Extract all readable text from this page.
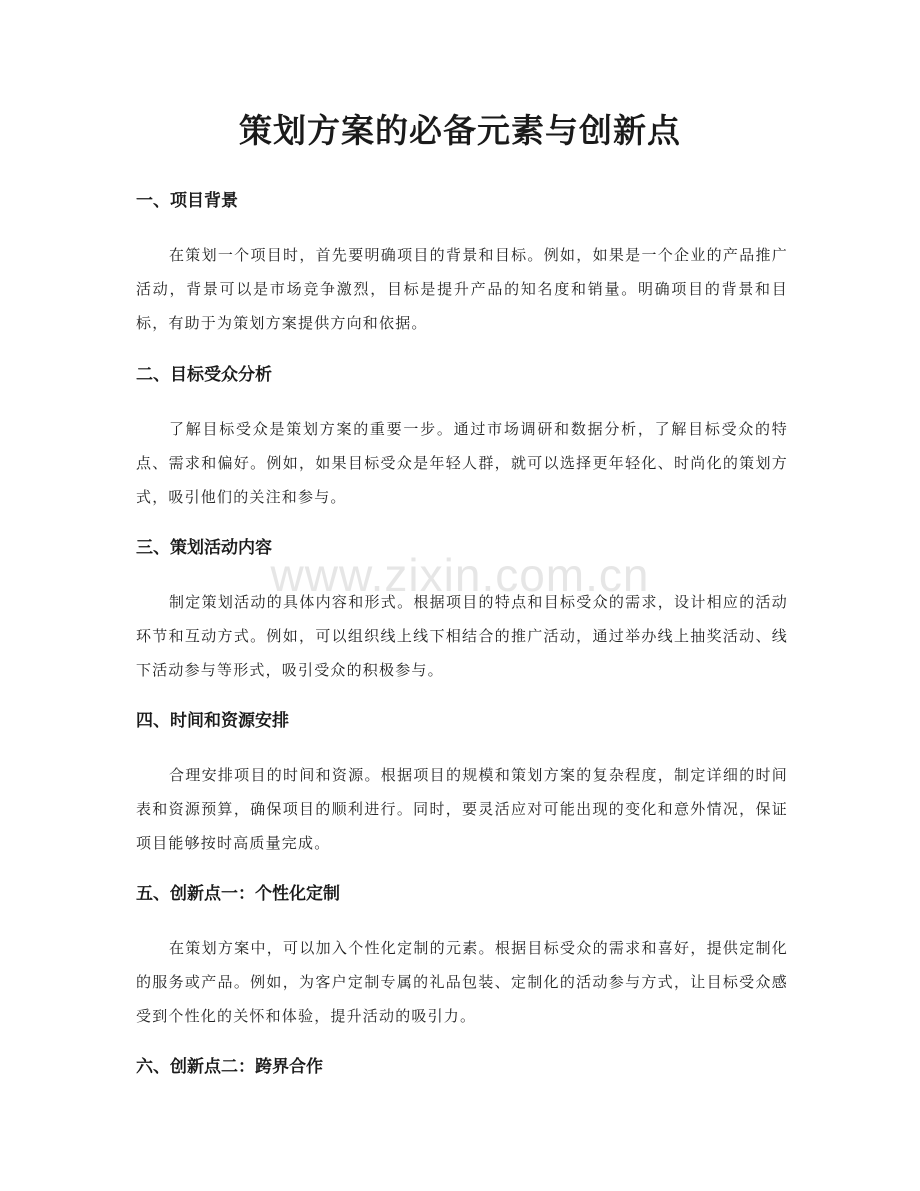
策划方案的必备元素与创新点
www.zixin.com.cn
一、项目背景

在策划一个项目时，首先要明确项目的背景和目标。例如，如果是一个企业的产品推广活动，背景可以是市场竞争激烈，目标是提升产品的知名度和销量。明确项目的背景和目标，有助于为策划方案提供方向和依据。

二、目标受众分析

了解目标受众是策划方案的重要一步。通过市场调研和数据分析，了解目标受众的特点、需求和偏好。例如，如果目标受众是年轻人群，就可以选择更年轻化、时尚化的策划方式，吸引他们的关注和参与。

三、策划活动内容

制定策划活动的具体内容和形式。根据项目的特点和目标受众的需求，设计相应的活动环节和互动方式。例如，可以组织线上线下相结合的推广活动，通过举办线上抽奖活动、线下活动参与等形式，吸引受众的积极参与。

四、时间和资源安排

合理安排项目的时间和资源。根据项目的规模和策划方案的复杂程度，制定详细的时间表和资源预算，确保项目的顺利进行。同时，要灵活应对可能出现的变化和意外情况，保证项目能够按时高质量完成。

五、创新点一：个性化定制

在策划方案中，可以加入个性化定制的元素。根据目标受众的需求和喜好，提供定制化的服务或产品。例如，为客户定制专属的礼品包装、定制化的活动参与方式，让目标受众感受到个性化的关怀和体验，提升活动的吸引力。

六、创新点二：跨界合作
